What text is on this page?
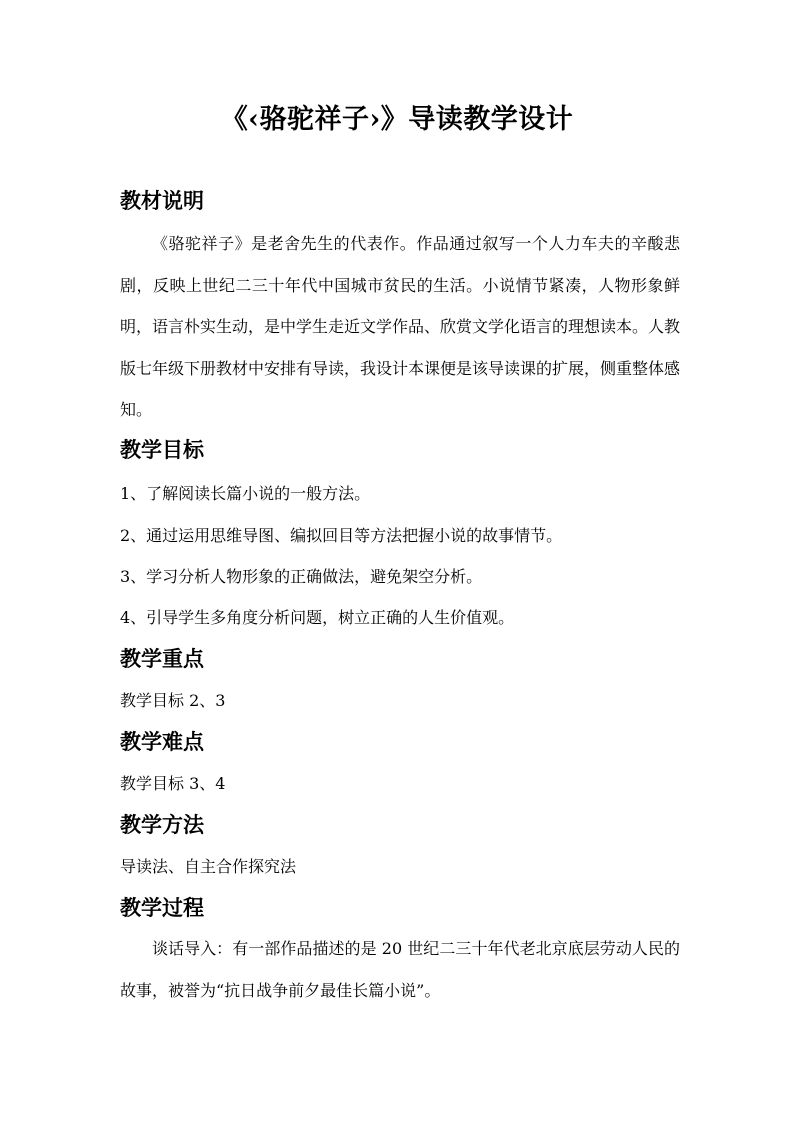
《‹骆驼祥子›》导读教学设计
教材说明
《骆驼祥子》是老舍先生的代表作。作品通过叙写一个人力车夫的辛酸悲剧，反映上世纪二三十年代中国城市贫民的生活。小说情节紧凑，人物形象鲜明，语言朴实生动，是中学生走近文学作品、欣赏文学化语言的理想读本。人教版七年级下册教材中安排有导读，我设计本课便是该导读课的扩展，侧重整体感知。
教学目标
1、了解阅读长篇小说的一般方法。
2、通过运用思维导图、编拟回目等方法把握小说的故事情节。
3、学习分析人物形象的正确做法，避免架空分析。
4、引导学生多角度分析问题，树立正确的人生价值观。
教学重点
教学目标 2、3
教学难点
教学目标 3、4
教学方法
导读法、自主合作探究法
教学过程
谈话导入：有一部作品描述的是 20 世纪二三十年代老北京底层劳动人民的故事，被誉为“抗日战争前夕最佳长篇小说”。
